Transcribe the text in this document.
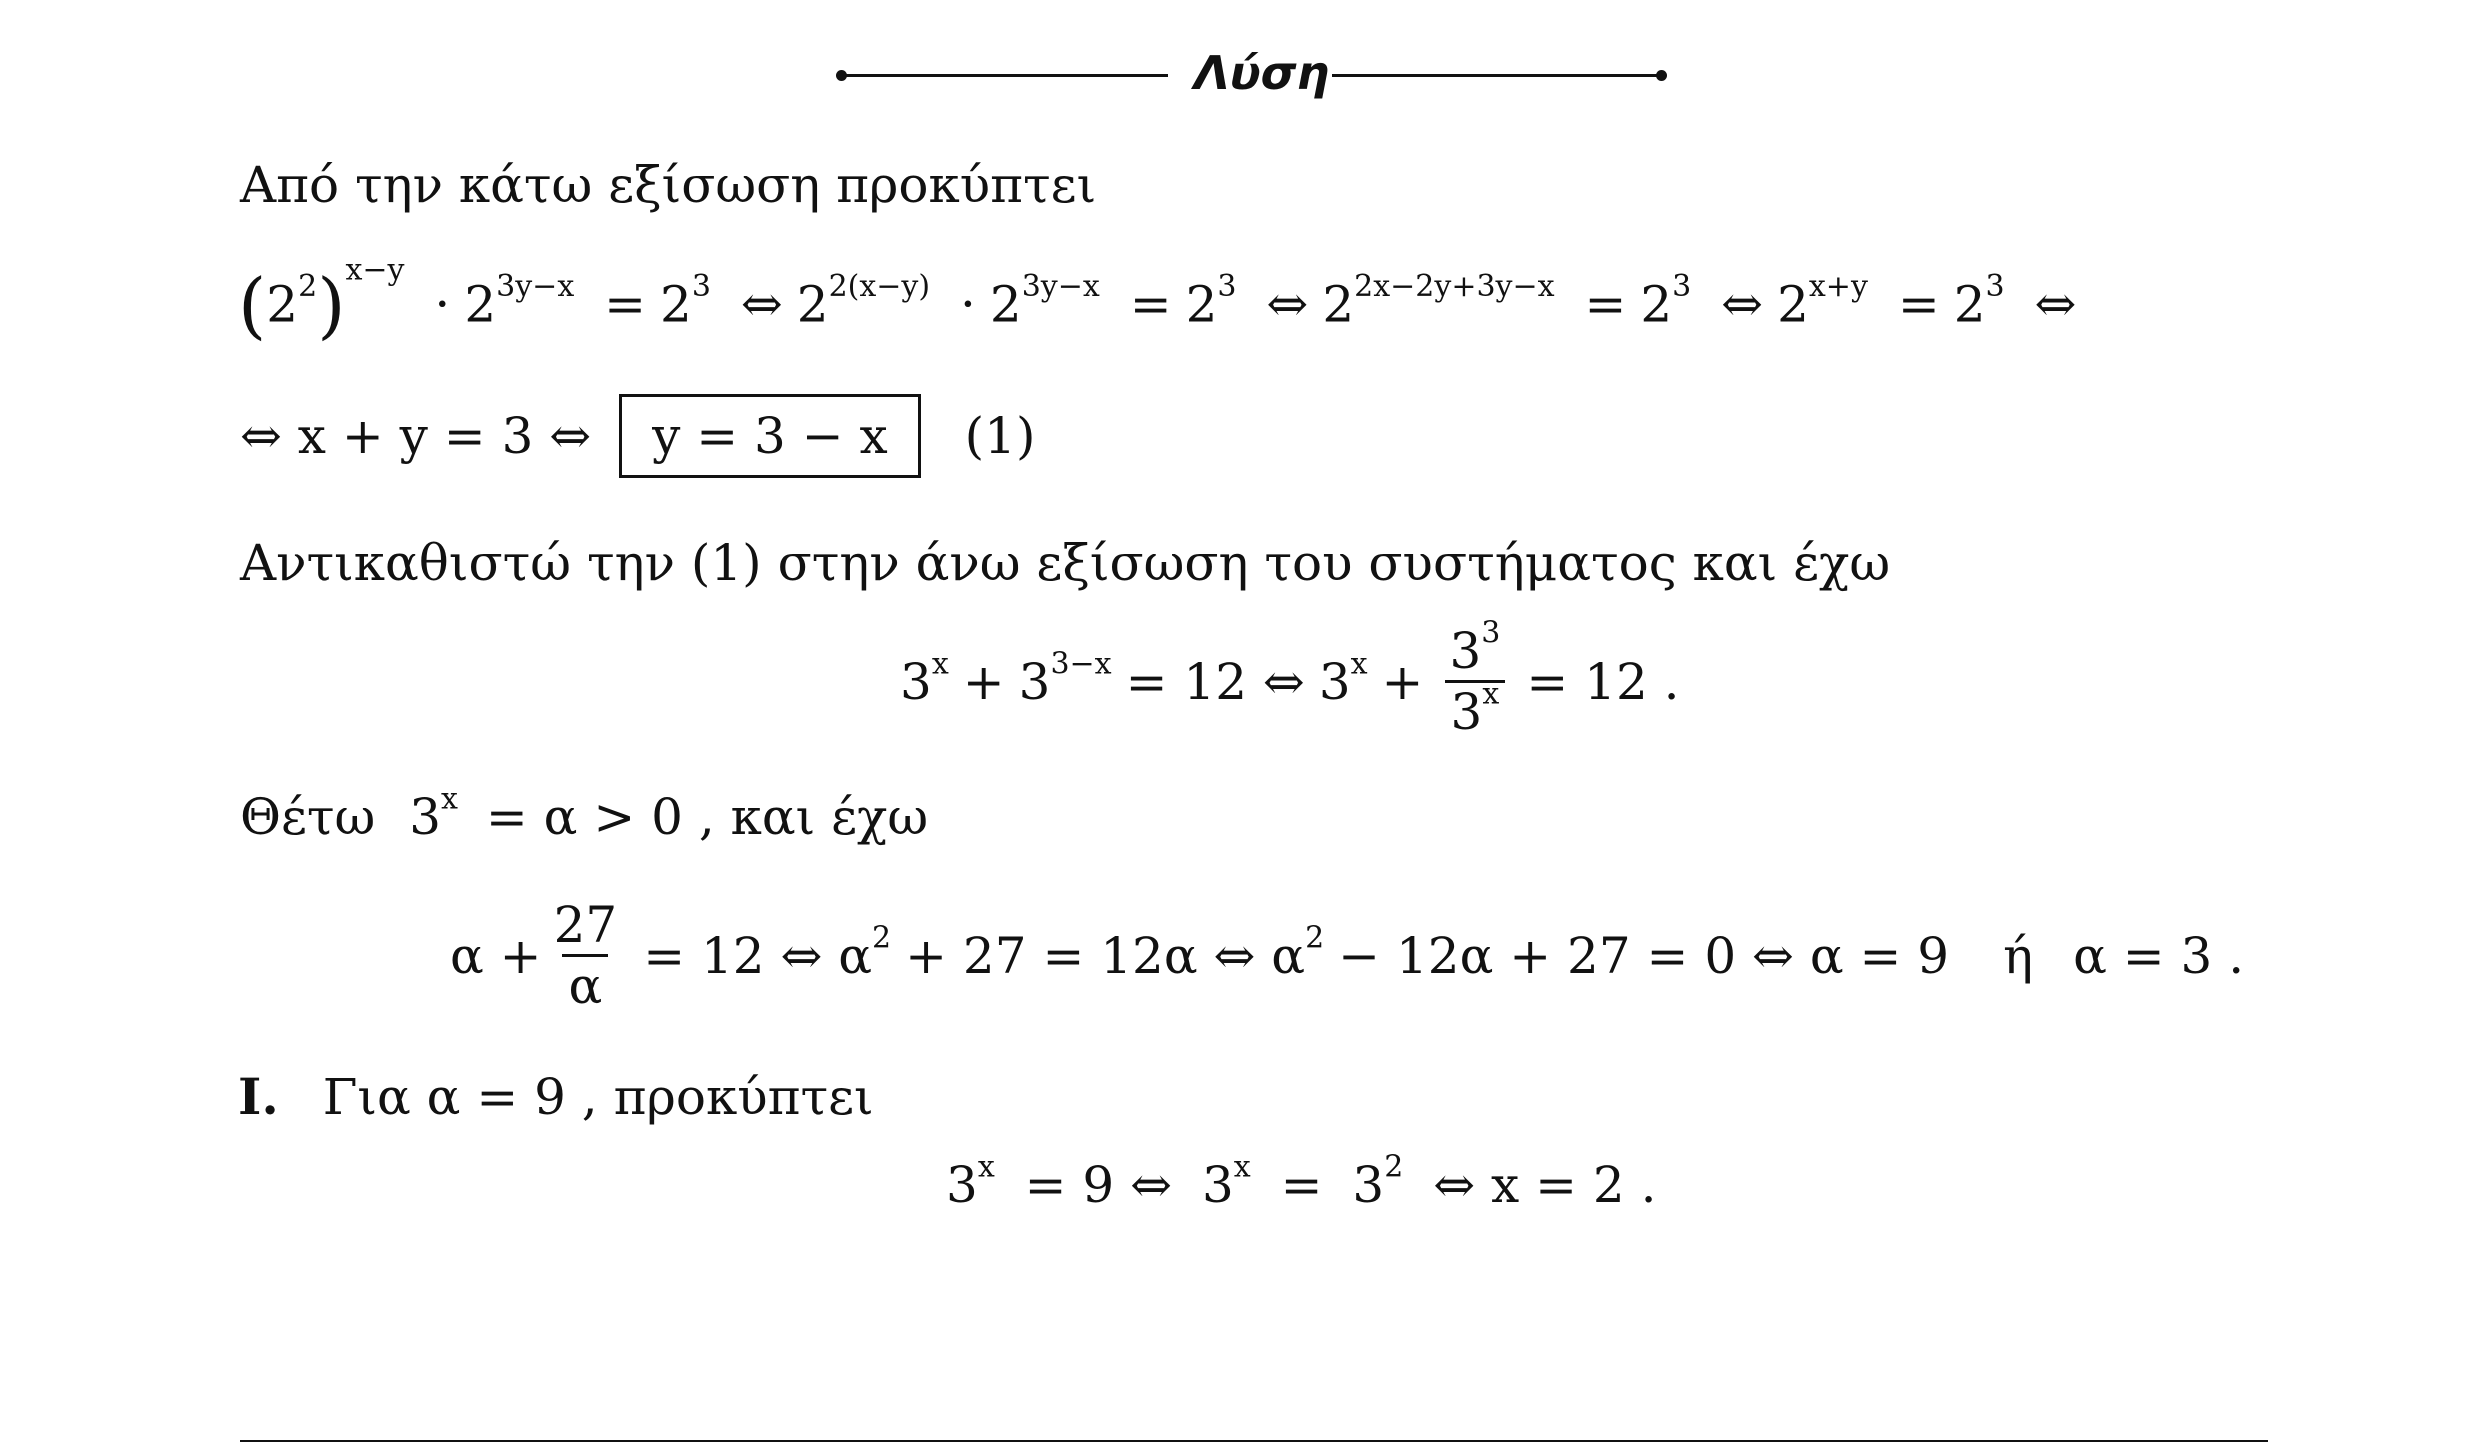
Λύση
Από την κάτω εξίσωση προκύπτει
$(2^2)^{x-y} \cdot 2^{3y-x} = 2^3$ ⇔ $2^{2(x-y)} \cdot 2^{3y-x} = 2^3$ ⇔ $2^{2x-2y+3y-x} = 2^3$ ⇔ $2^{x+y} = 2^3$ ⇔
⇔ x + y = 3 ⇔ y = 3 − x (1)
Αντικαθιστώ την (1) στην άνω εξίσωση του συστήματος και έχω
$3^x + 3^{3-x} = 12$ ⇔ $3^x + \frac{3^3}{3^x} = 12$ .
Θέτω $3^x = \alpha > 0$ , και έχω
$\alpha + \frac{27}{\alpha} = 12$ ⇔ $\alpha^2 + 27 = 12\alpha$ ⇔ $\alpha^2 - 12\alpha + 27 = 0$ ⇔ α = 9 ή α = 3 .
I. Για α = 9 , προκύπτει
$3^x = 9$ ⇔ $3^x = 3^2$ ⇔ x = 2 .
